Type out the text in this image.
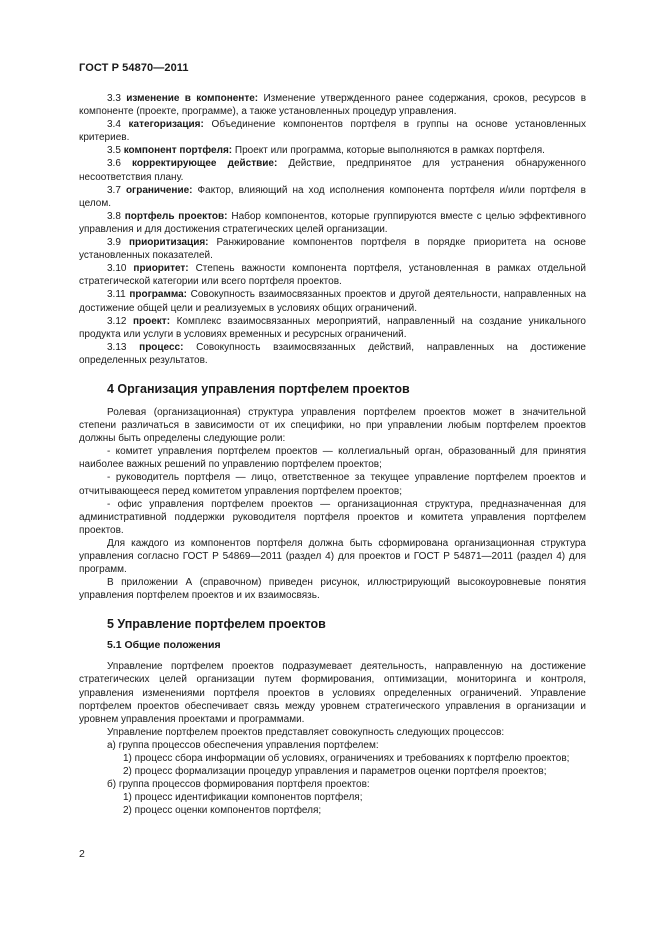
ГОСТ Р 54870—2011

3.3 изменение в компоненте: Изменение утвержденного ранее содержания, сроков, ресурсов в компоненте (проекте, программе), а также установленных процедур управления.

3.4 категоризация: Объединение компонентов портфеля в группы на основе установленных критериев.

3.5 компонент портфеля: Проект или программа, которые выполняются в рамках портфеля.

3.6 корректирующее действие: Действие, предпринятое для устранения обнаруженного несоответствия плану.

3.7 ограничение: Фактор, влияющий на ход исполнения компонента портфеля и/или портфеля в целом.

3.8 портфель проектов: Набор компонентов, которые группируются вместе с целью эффективного управления и для достижения стратегических целей организации.

3.9 приоритизация: Ранжирование компонентов портфеля в порядке приоритета на основе установленных показателей.

3.10 приоритет: Степень важности компонента портфеля, установленная в рамках отдельной стратегической категории или всего портфеля проектов.

3.11 программа: Совокупность взаимосвязанных проектов и другой деятельности, направленных на достижение общей цели и реализуемых в условиях общих ограничений.

3.12 проект: Комплекс взаимосвязанных мероприятий, направленный на создание уникального продукта или услуги в условиях временных и ресурсных ограничений.

3.13 процесс: Совокупность взаимосвязанных действий, направленных на достижение определенных результатов.

4 Организация управления портфелем проектов

Ролевая (организационная) структура управления портфелем проектов может в значительной степени различаться в зависимости от их специфики, но при управлении любым портфелем проектов должны быть определены следующие роли:

- комитет управления портфелем проектов — коллегиальный орган, образованный для принятия наиболее важных решений по управлению портфелем проектов;

- руководитель портфеля — лицо, ответственное за текущее управление портфелем проектов и отчитывающееся перед комитетом управления портфелем проектов;

- офис управления портфелем проектов — организационная структура, предназначенная для административной поддержки руководителя портфеля проектов и комитета управления портфелем проектов.

Для каждого из компонентов портфеля должна быть сформирована организационная структура управления согласно ГОСТ Р 54869—2011 (раздел 4) для проектов и ГОСТ Р 54871—2011 (раздел 4) для программ.

В приложении А (справочном) приведен рисунок, иллюстрирующий высокоуровневые понятия управления портфелем проектов и их взаимосвязь.

5 Управление портфелем проектов
5.1 Общие положения

Управление портфелем проектов подразумевает деятельность, направленную на достижение стратегических целей организации путем формирования, оптимизации, мониторинга и контроля, управления изменениями портфеля проектов в условиях определенных ограничений. Управление портфелем проектов обеспечивает связь между уровнем стратегического управления в организации и уровнем управления проектами и программами.

Управление портфелем проектов представляет совокупность следующих процессов:

а) группа процессов обеспечения управления портфелем:

1) процесс сбора информации об условиях, ограничениях и требованиях к портфелю проектов;

2) процесс формализации процедур управления и параметров оценки портфеля проектов;

б) группа процессов формирования портфеля проектов:

1) процесс идентификации компонентов портфеля;

2) процесс оценки компонентов портфеля;

2
